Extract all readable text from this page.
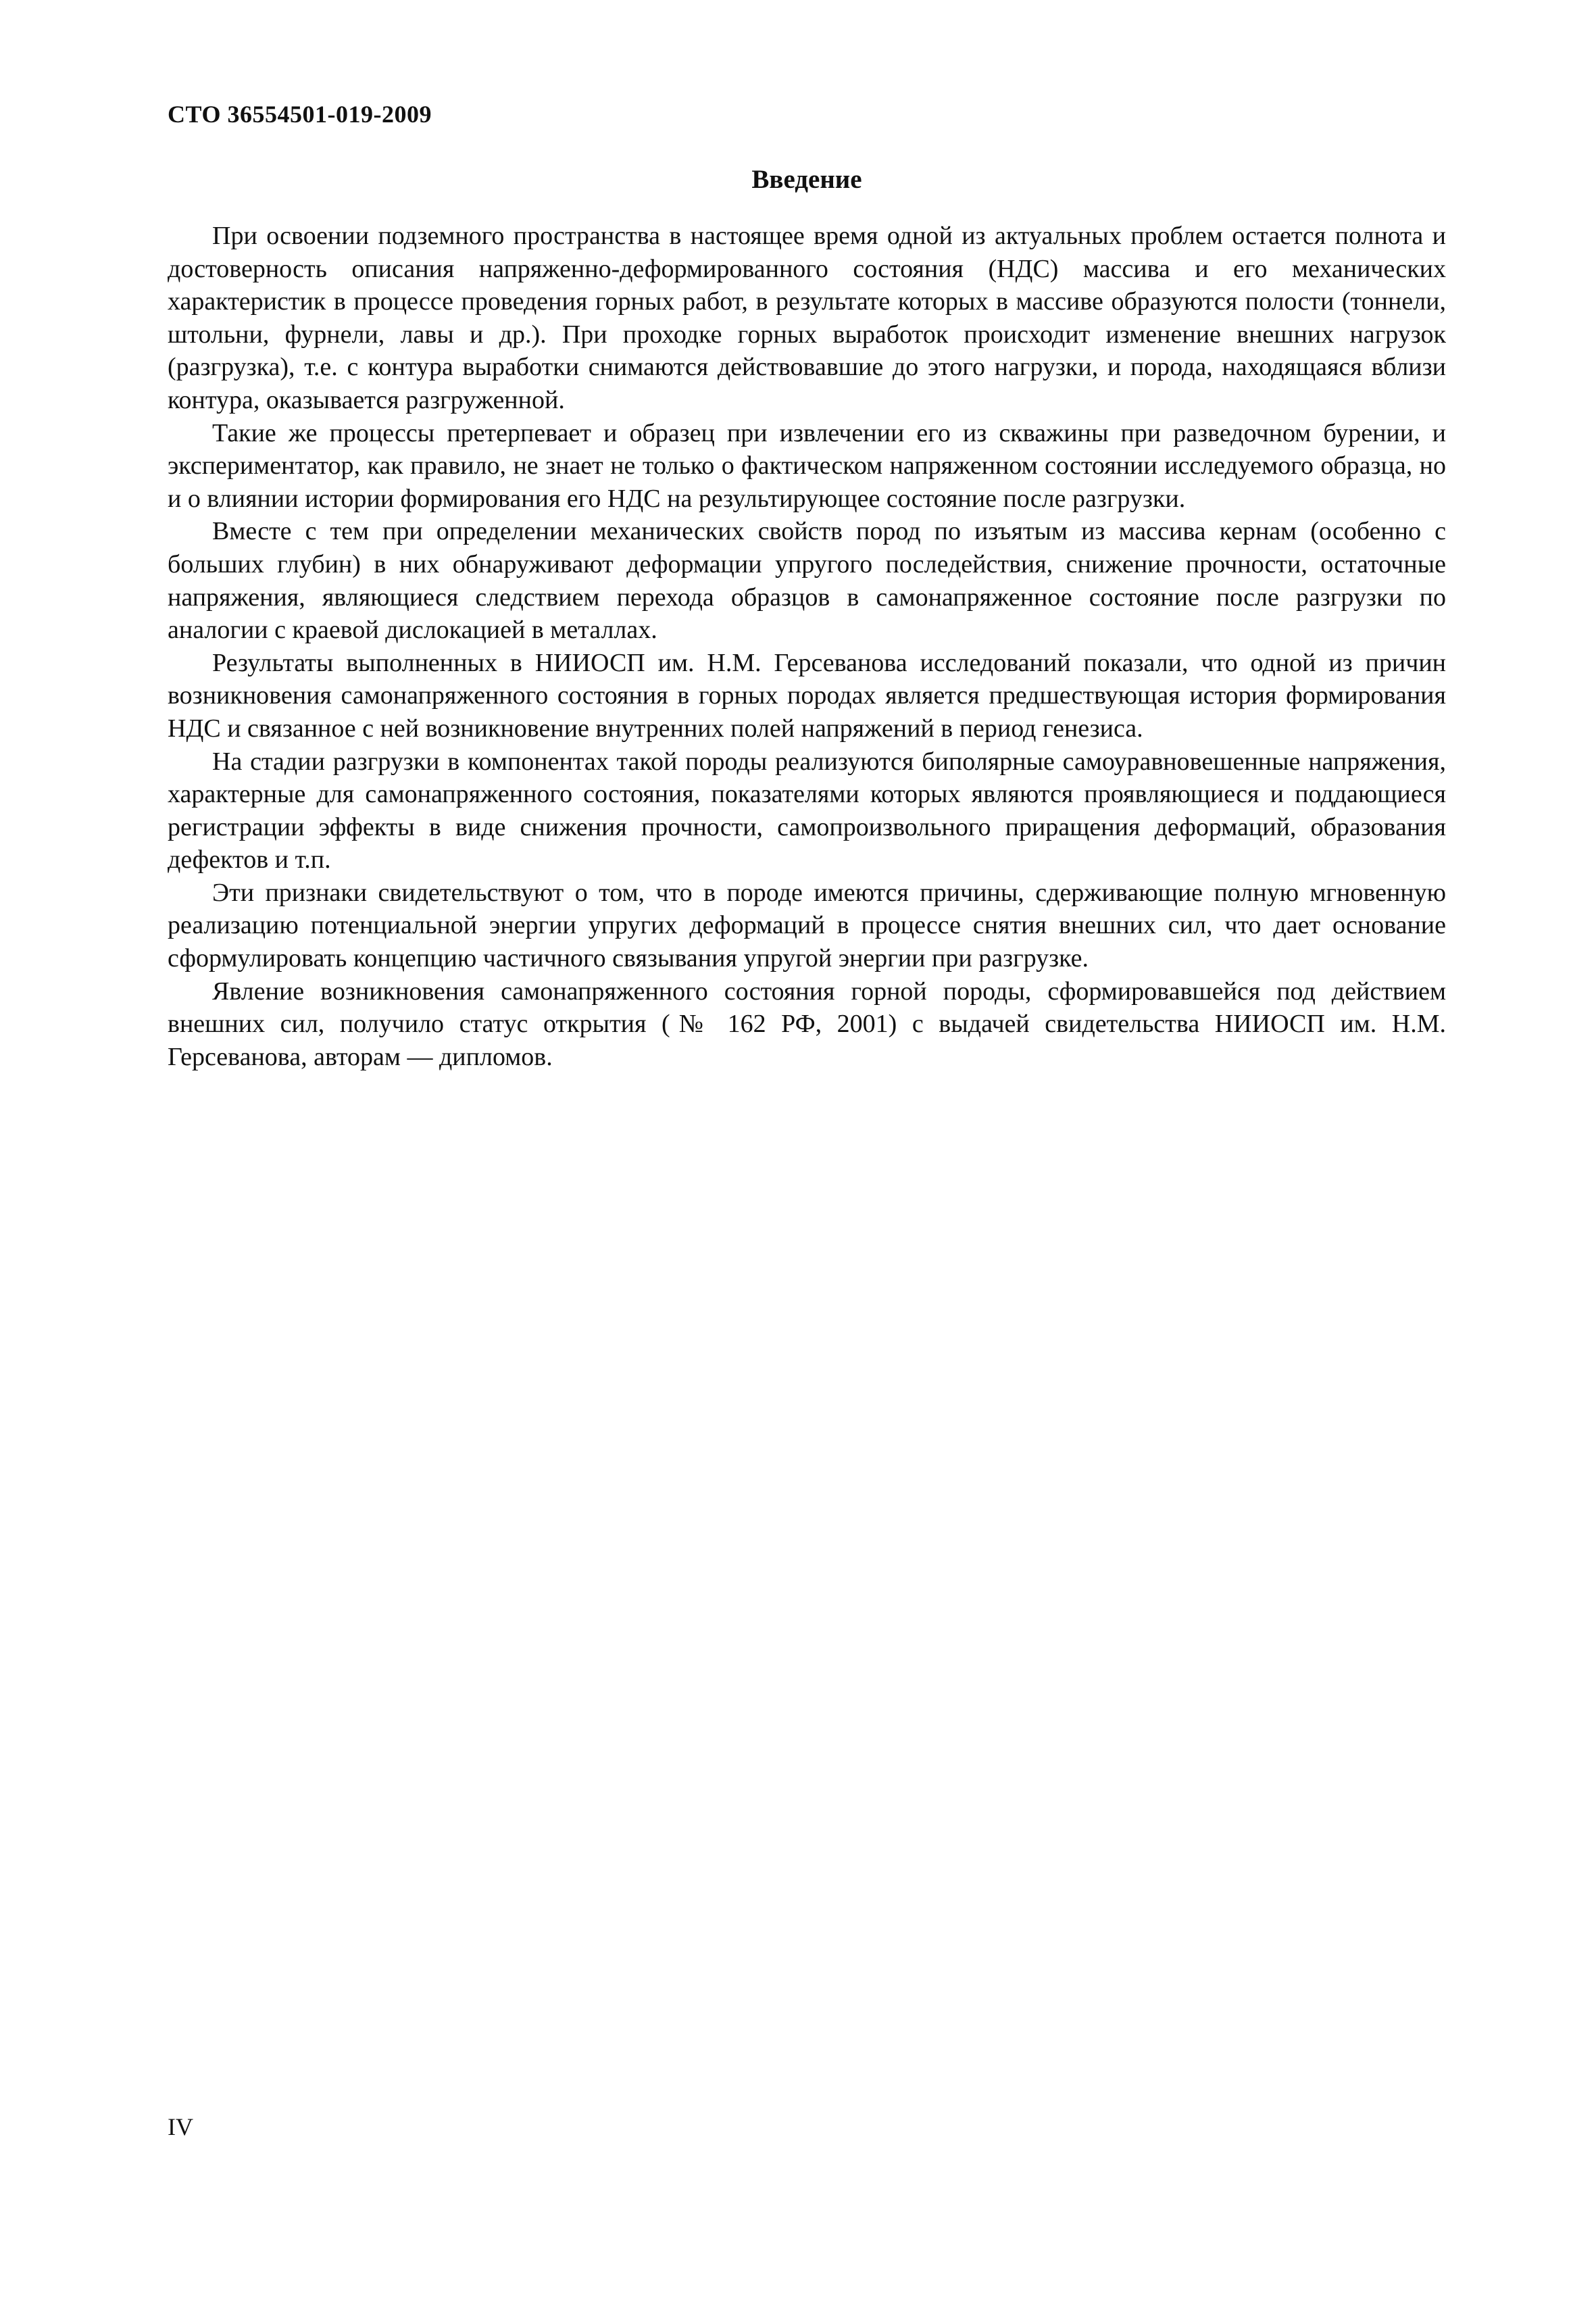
СТО 36554501-019-2009
Введение

При освоении подземного пространства в настоящее время одной из актуальных проблем остается полнота и достоверность описания напряженно-деформированного состояния (НДС) массива и его механических характеристик в процессе проведения горных работ, в результате которых в массиве образуются полости (тоннели, штольни, фурнели, лавы и др.). При проходке горных выработок происходит изменение внешних нагрузок (разгрузка), т.е. с контура выработки снимаются действовавшие до этого нагрузки, и порода, находящаяся вблизи контура, оказывается разгруженной.

Такие же процессы претерпевает и образец при извлечении его из скважины при разведочном бурении, и экспериментатор, как правило, не знает не только о фактическом напряженном состоянии исследуемого образца, но и о влиянии истории формирования его НДС на результирующее состояние после разгрузки.

Вместе с тем при определении механических свойств пород по изъятым из массива кернам (особенно с больших глубин) в них обнаруживают деформации упругого последействия, снижение прочности, остаточные напряжения, являющиеся следствием перехода образцов в самонапряженное состояние после разгрузки по аналогии с краевой дислокацией в металлах.

Результаты выполненных в НИИОСП им. Н.М. Герсеванова исследований показали, что одной из причин возникновения самонапряженного состояния в горных породах является предшествующая история формирования НДС и связанное с ней возникновение внутренних полей напряжений в период генезиса.

На стадии разгрузки в компонентах такой породы реализуются биполярные самоуравновешенные напряжения, характерные для самонапряженного состояния, показателями которых являются проявляющиеся и поддающиеся регистрации эффекты в виде снижения прочности, самопроизвольного приращения деформаций, образования дефектов и т.п.

Эти признаки свидетельствуют о том, что в породе имеются причины, сдерживающие полную мгновенную реализацию потенциальной энергии упругих деформаций в процессе снятия внешних сил, что дает основание сформулировать концепцию частичного связывания упругой энергии при разгрузке.

Явление возникновения самонапряженного состояния горной породы, сформировавшейся под действием внешних сил, получило статус открытия (№ 162 РФ, 2001) с выдачей свидетельства НИИОСП им. Н.М. Герсеванова, авторам — дипломов.

IV
